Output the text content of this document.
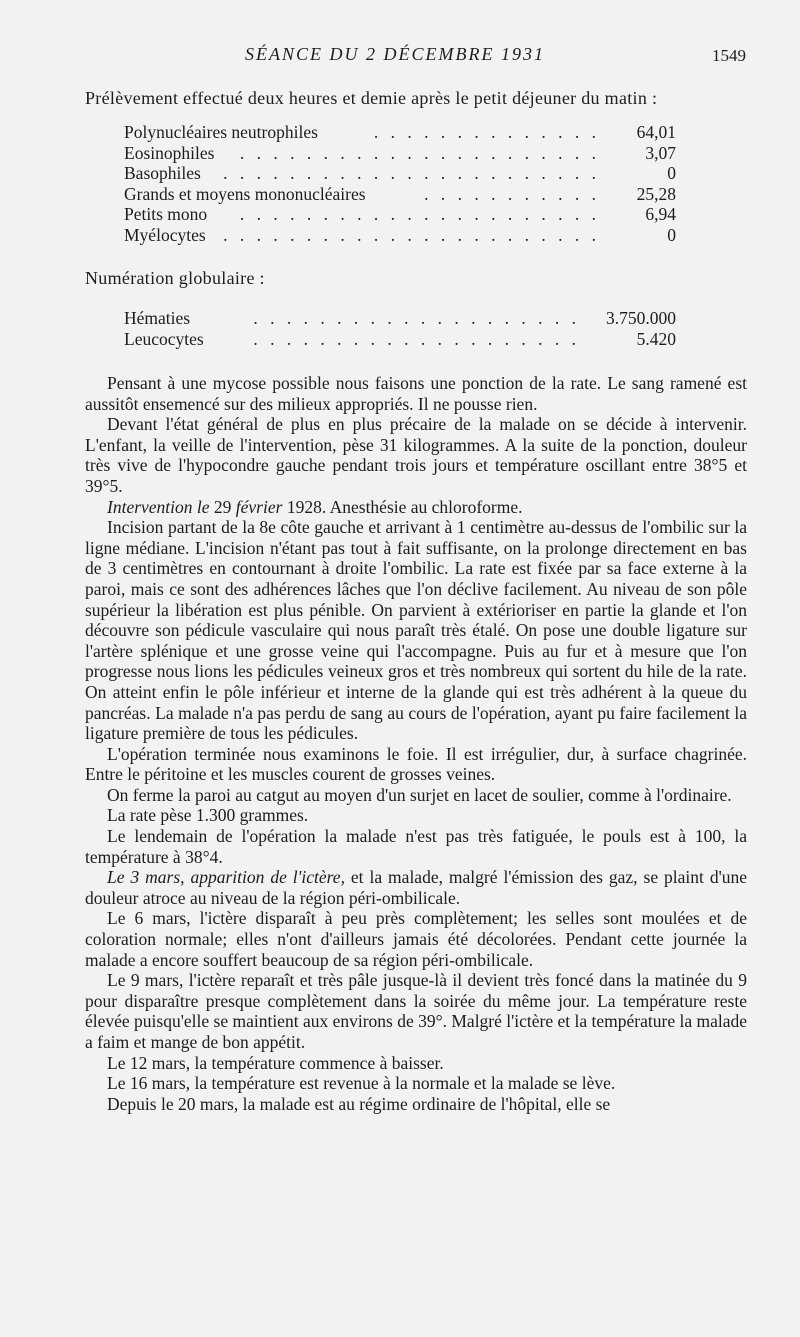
SÉANCE DU 2 DÉCEMBRE 1931	1549
Prélèvement effectué deux heures et demie après le petit déjeuner du matin :
Polynucléaires neutrophiles	. . . . . . . . . . . . . .	64,01
Eosinophiles . . . . . . . . . . . . . . . . . . . . . .	3,07
Basophiles . . . . . . . . . . . . . . . . . . . . . . .	0
Grands et moyens mononucléaires	. . . . . . . . . . .	25,28
Petits mono . . . . . . . . . . . . . . . . . . . . . .	6,94
Myélocytes . . . . . . . . . . . . . . . . . . . . . . .	0
Numération globulaire :
Hématies	. . . . . . . . . . . . . . . . . . . .	3.750.000
Leucocytes	. . . . . . . . . . . . . . . . . . . .	5.420

Pensant à une mycose possible nous faisons une ponction de la rate. Le sang ramené est aussitôt ensemencé sur des milieux appropriés. Il ne pousse rien.

Devant l'état général de plus en plus précaire de la malade on se décide à intervenir. L'enfant, la veille de l'intervention, pèse 31 kilogrammes. A la suite de la ponction, douleur très vive de l'hypocondre gauche pendant trois jours et température oscillant entre 38°5 et 39°5.

Intervention le 29 février 1928. Anesthésie au chloroforme.

Incision partant de la 8e côte gauche et arrivant à 1 centimètre au-dessus de l'ombilic sur la ligne médiane. L'incision n'étant pas tout à fait suffisante, on la prolonge directement en bas de 3 centimètres en contournant à droite l'ombilic. La rate est fixée par sa face externe à la paroi, mais ce sont des adhérences lâches que l'on déclive facilement. Au niveau de son pôle supérieur la libération est plus pénible. On parvient à extérioriser en partie la glande et l'on découvre son pédicule vasculaire qui nous paraît très étalé. On pose une double ligature sur l'artère splénique et une grosse veine qui l'accompagne. Puis au fur et à mesure que l'on progresse nous lions les pédicules veineux gros et très nombreux qui sortent du hile de la rate. On atteint enfin le pôle inférieur et interne de la glande qui est très adhérent à la queue du pancréas. La malade n'a pas perdu de sang au cours de l'opération, ayant pu faire facilement la ligature première de tous les pédicules.

L'opération terminée nous examinons le foie. Il est irrégulier, dur, à surface chagrinée. Entre le péritoine et les muscles courent de grosses veines.

On ferme la paroi au catgut au moyen d'un surjet en lacet de soulier, comme à l'ordinaire.

La rate pèse 1.300 grammes.

Le lendemain de l'opération la malade n'est pas très fatiguée, le pouls est à 100, la température à 38°4.

Le 3 mars, apparition de l'ictère, et la malade, malgré l'émission des gaz, se plaint d'une douleur atroce au niveau de la région péri-ombilicale.

Le 6 mars, l'ictère disparaît à peu près complètement; les selles sont moulées et de coloration normale; elles n'ont d'ailleurs jamais été décolorées. Pendant cette journée la malade a encore souffert beaucoup de sa région péri-ombilicale.

Le 9 mars, l'ictère reparaît et très pâle jusque-là il devient très foncé dans la matinée du 9 pour disparaître presque complètement dans la soirée du même jour. La température reste élevée puisqu'elle se maintient aux environs de 39°. Malgré l'ictère et la température la malade a faim et mange de bon appétit.

Le 12 mars, la température commence à baisser.

Le 16 mars, la température est revenue à la normale et la malade se lève.

Depuis le 20 mars, la malade est au régime ordinaire de l'hôpital, elle se
